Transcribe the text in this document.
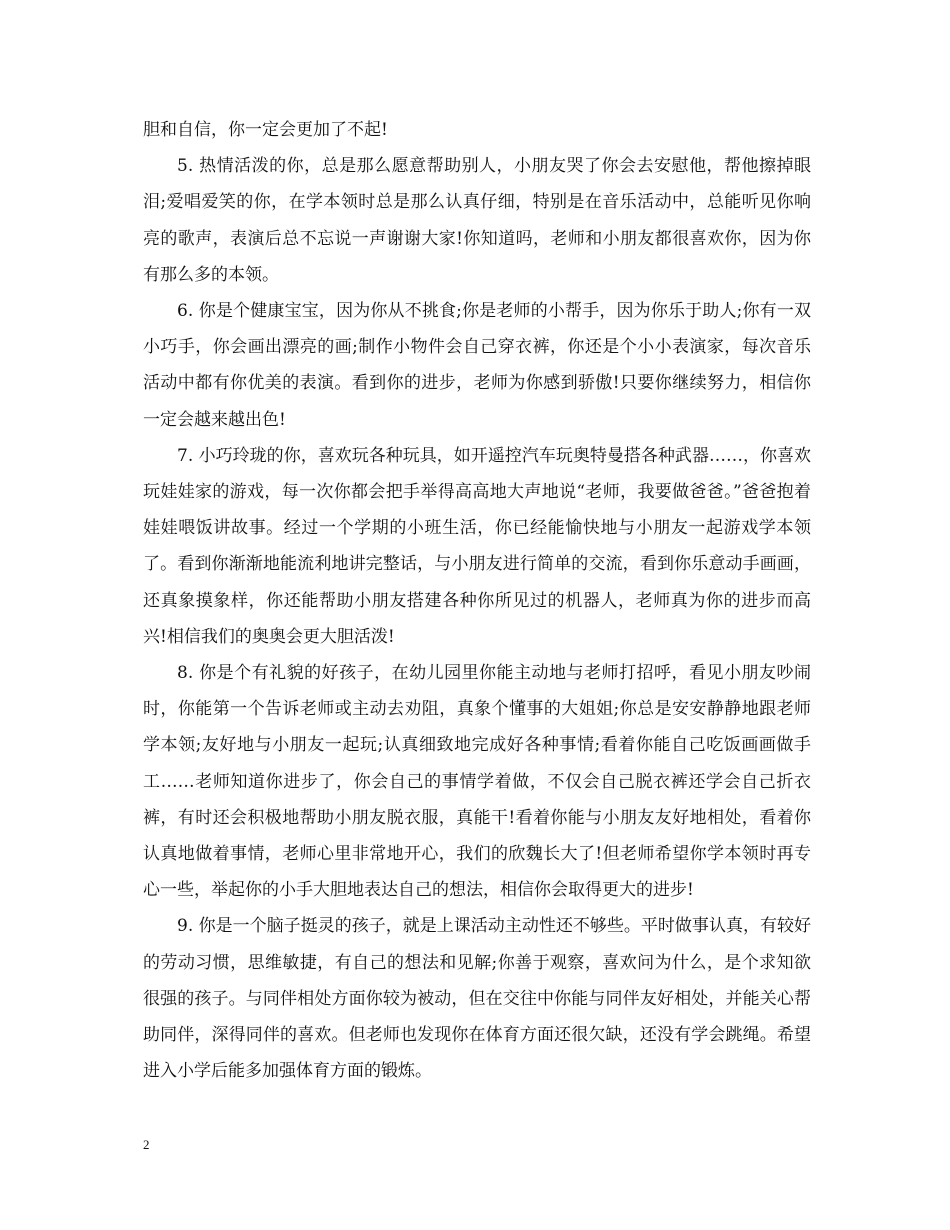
胆和自信，你一定会更加了不起!

5. 热情活泼的你，总是那么愿意帮助别人，小朋友哭了你会去安慰他，帮他擦掉眼泪;爱唱爱笑的你，在学本领时总是那么认真仔细，特别是在音乐活动中，总能听见你响亮的歌声，表演后总不忘说一声谢谢大家!你知道吗，老师和小朋友都很喜欢你，因为你有那么多的本领。

6. 你是个健康宝宝，因为你从不挑食;你是老师的小帮手，因为你乐于助人;你有一双小巧手，你会画出漂亮的画;制作小物件会自己穿衣裤，你还是个小小表演家，每次音乐活动中都有你优美的表演。看到你的进步，老师为你感到骄傲!只要你继续努力，相信你一定会越来越出色!

7. 小巧玲珑的你，喜欢玩各种玩具，如开遥控汽车玩奥特曼搭各种武器……，你喜欢玩娃娃家的游戏，每一次你都会把手举得高高地大声地说“老师，我要做爸爸。”爸爸抱着娃娃喂饭讲故事。经过一个学期的小班生活，你已经能愉快地与小朋友一起游戏学本领了。看到你渐渐地能流利地讲完整话，与小朋友进行简单的交流，看到你乐意动手画画，还真象摸象样，你还能帮助小朋友搭建各种你所见过的机器人，老师真为你的进步而高兴!相信我们的奥奥会更大胆活泼!

8. 你是个有礼貌的好孩子，在幼儿园里你能主动地与老师打招呼，看见小朋友吵闹时，你能第一个告诉老师或主动去劝阻，真象个懂事的大姐姐;你总是安安静静地跟老师学本领;友好地与小朋友一起玩;认真细致地完成好各种事情;看着你能自己吃饭画画做手工……老师知道你进步了，你会自己的事情学着做，不仅会自己脱衣裤还学会自己折衣裤，有时还会积极地帮助小朋友脱衣服，真能干!看着你能与小朋友友好地相处，看着你认真地做着事情，老师心里非常地开心，我们的欣魏长大了!但老师希望你学本领时再专心一些，举起你的小手大胆地表达自己的想法，相信你会取得更大的进步!

9. 你是一个脑子挺灵的孩子，就是上课活动主动性还不够些。平时做事认真，有较好的劳动习惯，思维敏捷，有自己的想法和见解;你善于观察，喜欢问为什么，是个求知欲很强的孩子。与同伴相处方面你较为被动，但在交往中你能与同伴友好相处，并能关心帮助同伴，深得同伴的喜欢。但老师也发现你在体育方面还很欠缺，还没有学会跳绳。希望进入小学后能多加强体育方面的锻炼。

2
